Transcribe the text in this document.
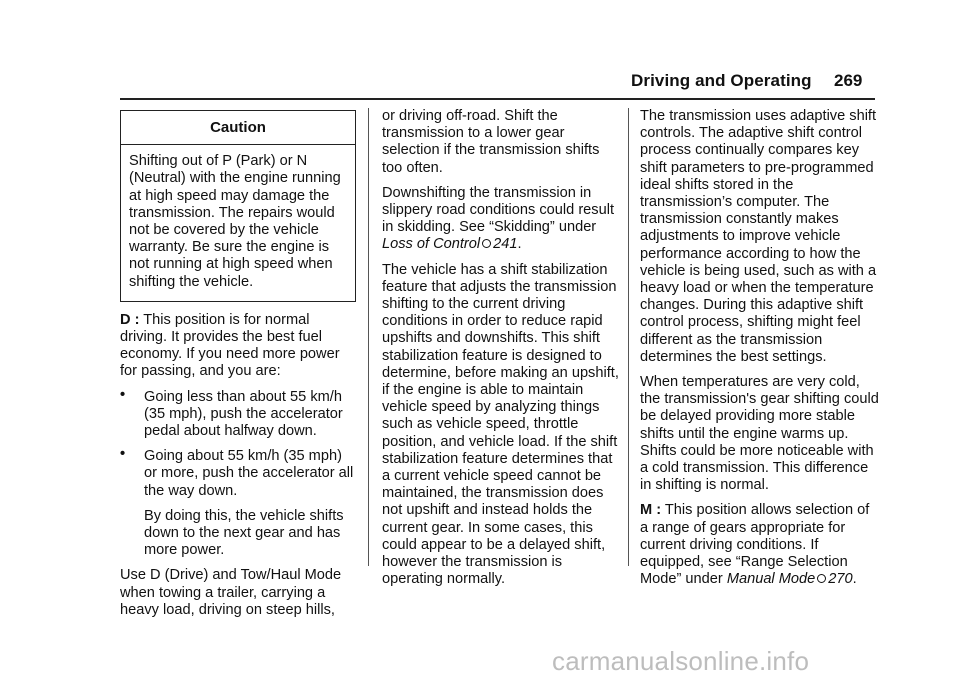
Driving and Operating 269
Caution
Shifting out of P (Park) or N (Neutral) with the engine running at high speed may damage the transmission. The repairs would not be covered by the vehicle warranty. Be sure the engine is not running at high speed when shifting the vehicle.

D : This position is for normal driving. It provides the best fuel economy. If you need more power for passing, and you are:

• Going less than about 55 km/h (35 mph), push the accelerator pedal about halfway down.
• Going about 55 km/h (35 mph) or more, push the accelerator all the way down.

By doing this, the vehicle shifts down to the next gear and has more power.

Use D (Drive) and Tow/Haul Mode when towing a trailer, carrying a heavy load, driving on steep hills,

or driving off-road. Shift the transmission to a lower gear selection if the transmission shifts too often.

Downshifting the transmission in slippery road conditions could result in skidding. See “Skidding” under Loss of Control 241.

The vehicle has a shift stabilization feature that adjusts the transmission shifting to the current driving conditions in order to reduce rapid upshifts and downshifts. This shift stabilization feature is designed to determine, before making an upshift, if the engine is able to maintain vehicle speed by analyzing things such as vehicle speed, throttle position, and vehicle load. If the shift stabilization feature determines that a current vehicle speed cannot be maintained, the transmission does not upshift and instead holds the current gear. In some cases, this could appear to be a delayed shift, however the transmission is operating normally.

The transmission uses adaptive shift controls. The adaptive shift control process continually compares key shift parameters to pre-programmed ideal shifts stored in the transmission’s computer. The transmission constantly makes adjustments to improve vehicle performance according to how the vehicle is being used, such as with a heavy load or when the temperature changes. During this adaptive shift control process, shifting might feel different as the transmission determines the best settings.

When temperatures are very cold, the transmission's gear shifting could be delayed providing more stable shifts until the engine warms up. Shifts could be more noticeable with a cold transmission. This difference in shifting is normal.

M : This position allows selection of a range of gears appropriate for current driving conditions. If equipped, see “Range Selection Mode” under Manual Mode 270.

carmanualsonline.info
